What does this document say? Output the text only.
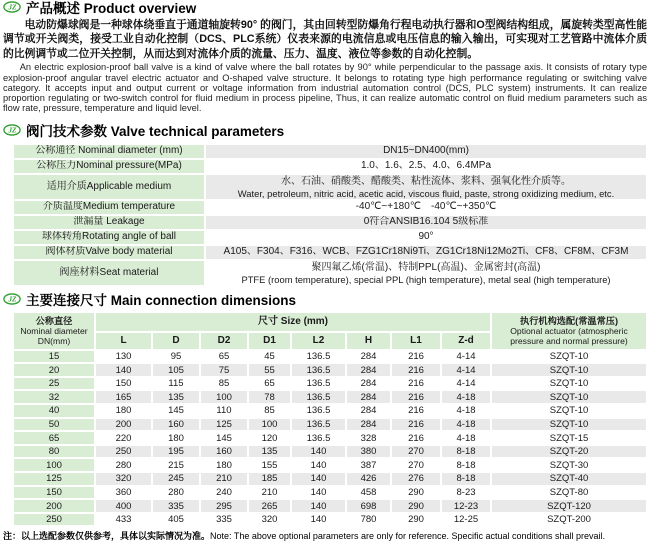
JZ 产品概述 Product overview
电动防爆球阀是一种球体绕垂直于通道轴旋转90° 的阀门，其由回转型防爆角行程电动执行器和O型阀结构组成，属旋转类型高性能调节或开关阀类，接受工业自动化控制（DCS、PLC系统）仪表来源的电流信息或电压信息的输入输出，可实现对工艺管路中流体介质的比例调节或二位开关控制，从而达到对流体介质的流量、压力、温度、液位等参数的自动化控制。
An electric explosion-proof ball valve is a kind of valve where the ball rotates by 90° while perpendicular to the passage axis. It consists of rotary type explosion-proof angular travel electric actuator and O-shaped valve structure. It belongs to rotating type high performance regulating or switching valve category. It accepts input and output current or voltage information from industrial automation control (DCS, PLC system) instruments. It can realize proportion regulating or two-switch control for fluid medium in process pipeline, Thus, it can realize automatic control on fluid medium parameters such as flow rate, pressure, temperature and liquid level.
JZ 阀门技术参数 Valve technical parameters
公称通径 Nominal diameter (mm)	DN15~DN400(mm)
公称压力Nominal pressure(MPa)	1.0、1.6、2.5、4.0、6.4MPa
适用介质Applicable medium	水、石油、硝酸类、醋酸类、粘性流体、浆料、强氧化性介质等。
Water, petroleum, nitric acid, acetic acid, viscous fluid, paste, strong oxidizing medium, etc.

介质温度Medium temperature	-40℃~+180℃　-40℃~+350℃
泄漏量 Leakage	0符合ANSIB16.104 5级标准
球体转角Rotating angle of ball	90°
阀体材质Valve body material	A105、F304、F316、WCB、FZG1Cr18Ni9Ti、ZG1Cr18Ni12Mo2Ti、CF8、CF8M、CF3M
阀座材料Seat material	聚四氟乙烯(常温)、特制PPL(高温)、金属密封(高温)
PTFE (room temperature), special PPL (high temperature), metal seal (high temperature)
JZ 主要连接尺寸 Main connection dimensions
公称直径
Nominal diameter
DN(mm)
	尺寸 Size (mm)	执行机构选配(常温常压)
Optional actuator (atmospheric
pressure and normal pressure)

	L	D	D2	D1	L2	H	L1	Z-d	
15	130	95	65	45	136.5	284	216	4-14	SZQT-10
20	140	105	75	55	136.5	284	216	4-14	SZQT-10
25	150	115	85	65	136.5	284	216	4-14	SZQT-10
32	165	135	100	78	136.5	284	216	4-18	SZQT-10
40	180	145	110	85	136.5	284	216	4-18	SZQT-10
50	200	160	125	100	136.5	284	216	4-18	SZQT-10
65	220	180	145	120	136.5	328	216	4-18	SZQT-15
80	250	195	160	135	140	380	270	8-18	SZQT-20
100	280	215	180	155	140	387	270	8-18	SZQT-30
125	320	245	210	185	140	426	276	8-18	SZQT-40
150	360	280	240	210	140	458	290	8-23	SZQT-80
200	400	335	295	265	140	698	290	12-23	SZQT-120
250	433	405	335	320	140	780	290	12-25	SZQT-200
注：以上选配参数仅供参考，具体以实际情况为准。Note: The above optional parameters are only for reference. Specific actual conditions shall prevail.
